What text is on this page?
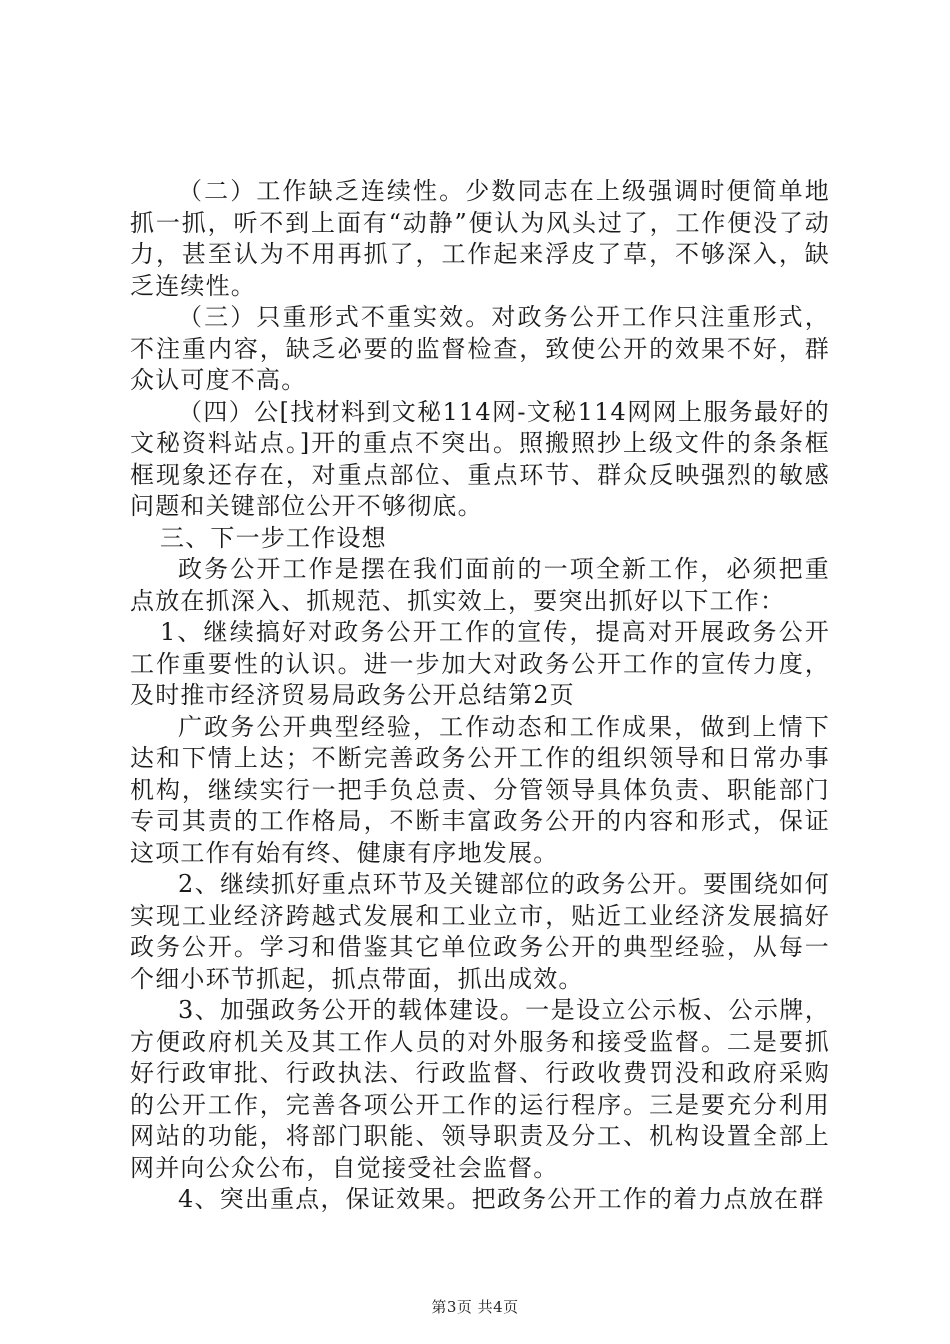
（二）工作缺乏连续性。少数同志在上级强调时便简单地抓一抓，听不到上面有“动静”便认为风头过了，工作便没了动力，甚至认为不用再抓了，工作起来浮皮了草，不够深入，缺乏连续性。

（三）只重形式不重实效。对政务公开工作只注重形式，不注重内容，缺乏必要的监督检查，致使公开的效果不好，群众认可度不高。

（四）公[找材料到文秘114网-文秘114网网上服务最好的文秘资料站点。]开的重点不突出。照搬照抄上级文件的条条框框现象还存在，对重点部位、重点环节、群众反映强烈的敏感问题和关键部位公开不够彻底。

三、下一步工作设想

政务公开工作是摆在我们面前的一项全新工作，必须把重点放在抓深入、抓规范、抓实效上，要突出抓好以下工作：

1、继续搞好对政务公开工作的宣传，提高对开展政务公开工作重要性的认识。进一步加大对政务公开工作的宣传力度，及时推市经济贸易局政务公开总结第2页

广政务公开典型经验，工作动态和工作成果，做到上情下达和下情上达；不断完善政务公开工作的组织领导和日常办事机构，继续实行一把手负总责、分管领导具体负责、职能部门专司其责的工作格局，不断丰富政务公开的内容和形式，保证这项工作有始有终、健康有序地发展。

2、继续抓好重点环节及关键部位的政务公开。要围绕如何实现工业经济跨越式发展和工业立市，贴近工业经济发展搞好政务公开。学习和借鉴其它单位政务公开的典型经验，从每一个细小环节抓起，抓点带面，抓出成效。

3、加强政务公开的载体建设。一是设立公示板、公示牌，方便政府机关及其工作人员的对外服务和接受监督。二是要抓好行政审批、行政执法、行政监督、行政收费罚没和政府采购的公开工作，完善各项公开工作的运行程序。三是要充分利用网站的功能，将部门职能、领导职责及分工、机构设置全部上网并向公众公布，自觉接受社会监督。

4、突出重点，保证效果。把政务公开工作的着力点放在群

第3页 共4页
